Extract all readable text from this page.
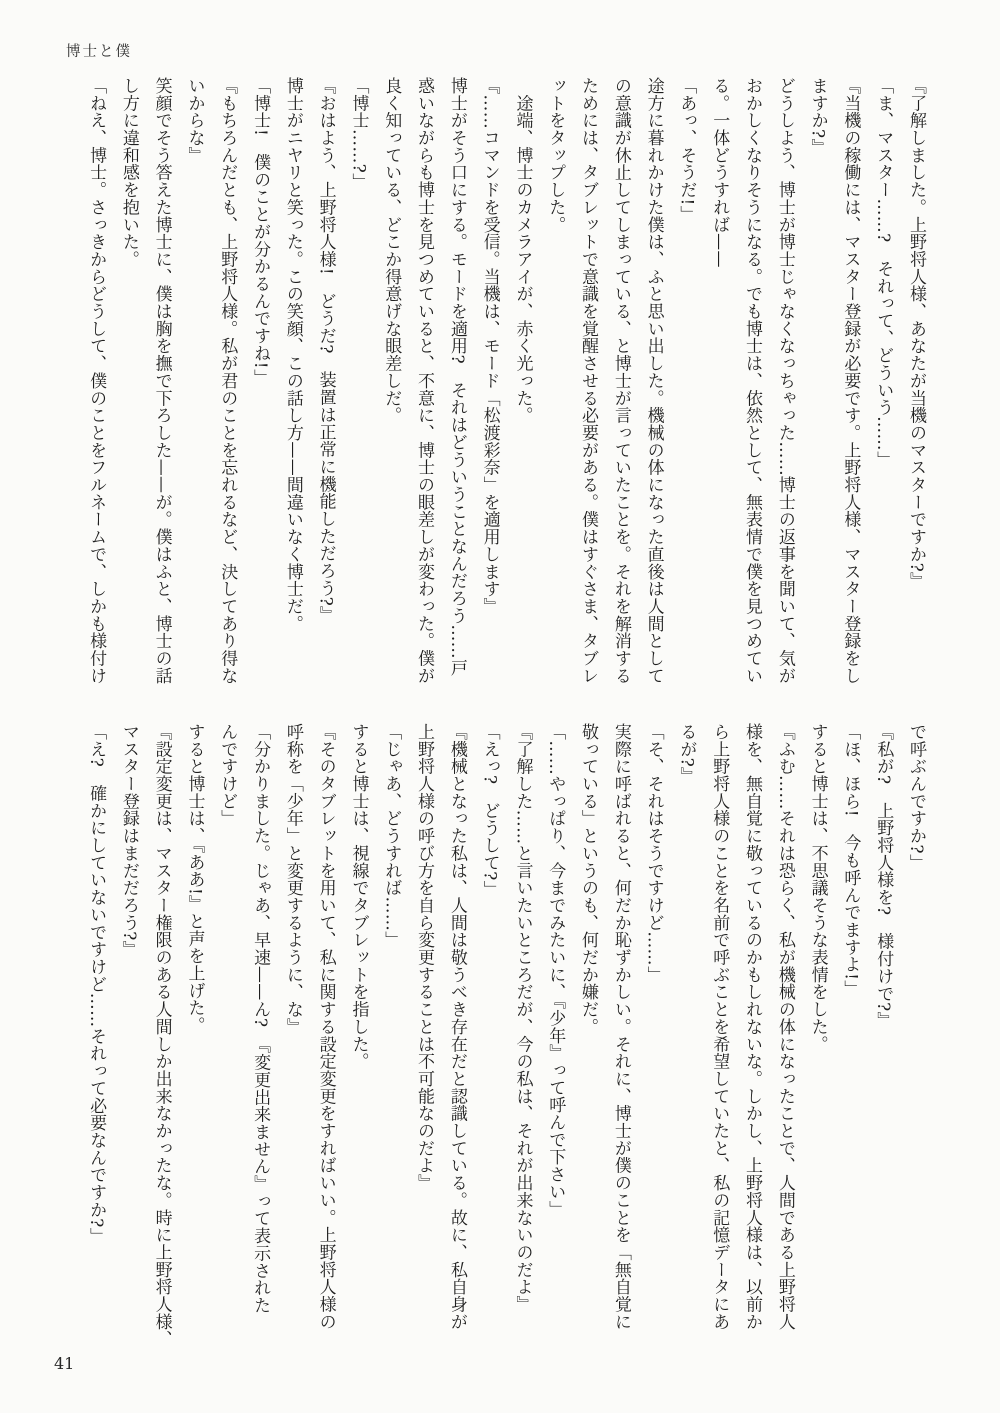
博士と僕
『了解しました。上野将人様、あなたが当機のマスターですか?』
「ま、マスター……?　それって、どういう……」
『当機の稼働には、マスター登録が必要です。上野将人様、マスター登録をし
ますか?』
どうしよう、博士が博士じゃなくなっちゃった……博士の返事を聞いて、気が
おかしくなりそうになる。でも博士は、依然として、無表情で僕を見つめてい
る。一体どうすれば——
「あっ、そうだ!」
途方に暮れかけた僕は、ふと思い出した。機械の体になった直後は人間として
の意識が休止してしまっている、と博士が言っていたことを。それを解消する
ためには、タブレットで意識を覚醒させる必要がある。僕はすぐさま、タブレ
ットをタップした。
　途端、博士のカメラアイが、赤く光った。
『……コマンドを受信。当機は、モード「松渡彩奈」を適用します』
博士がそう口にする。モードを適用?　それはどういうことなんだろう……戸
惑いながらも博士を見つめていると、不意に、博士の眼差しが変わった。僕が
良く知っている、どこか得意げな眼差しだ。
「博士……?」
『おはよう、上野将人様!　どうだ?　装置は正常に機能しただろう?』
博士がニヤリと笑った。この笑顔、この話し方——間違いなく博士だ。
「博士!　僕のことが分かるんですね!」
『もちろんだとも、上野将人様。私が君のことを忘れるなど、決してあり得な
いからな』
笑顔でそう答えた博士に、僕は胸を撫で下ろした——が。僕はふと、博士の話
し方に違和感を抱いた。
「ねえ、博士。さっきからどうして、僕のことをフルネームで、しかも様付け
で呼ぶんですか?」
『私が?　上野将人様を?　様付けで?』
「ほ、ほら!　今も呼んでますよ!」
すると博士は、不思議そうな表情をした。
『ふむ……それは恐らく、私が機械の体になったことで、人間である上野将人
様を、無自覚に敬っているのかもしれないな。しかし、上野将人様は、以前か
ら上野将人様のことを名前で呼ぶことを希望していたと、私の記憶データにあ
るが?』
「そ、それはそうですけど……」
実際に呼ばれると、何だか恥ずかしい。それに、博士が僕のことを「無自覚に
敬っている」というのも、何だか嫌だ。
「……やっぱり、今までみたいに、『少年』って呼んで下さい」
『了解した……と言いたいところだが、今の私は、それが出来ないのだよ』
「えっ?　どうして?」
『機械となった私は、人間は敬うべき存在だと認識している。故に、私自身が
上野将人様の呼び方を自ら変更することは不可能なのだよ』
「じゃあ、どうすれば……」
すると博士は、視線でタブレットを指した。
『そのタブレットを用いて、私に関する設定変更をすればいい。上野将人様の
呼称を「少年」と変更するように、な』
「分かりました。じゃあ、早速——ん?　『変更出来ません』って表示された
んですけど」
すると博士は、『ああ!』と声を上げた。
『設定変更は、マスター権限のある人間しか出来なかったな。時に上野将人様、
マスター登録はまだだろう?』
「え?　確かにしていないですけど……それって必要なんですか?」
41
